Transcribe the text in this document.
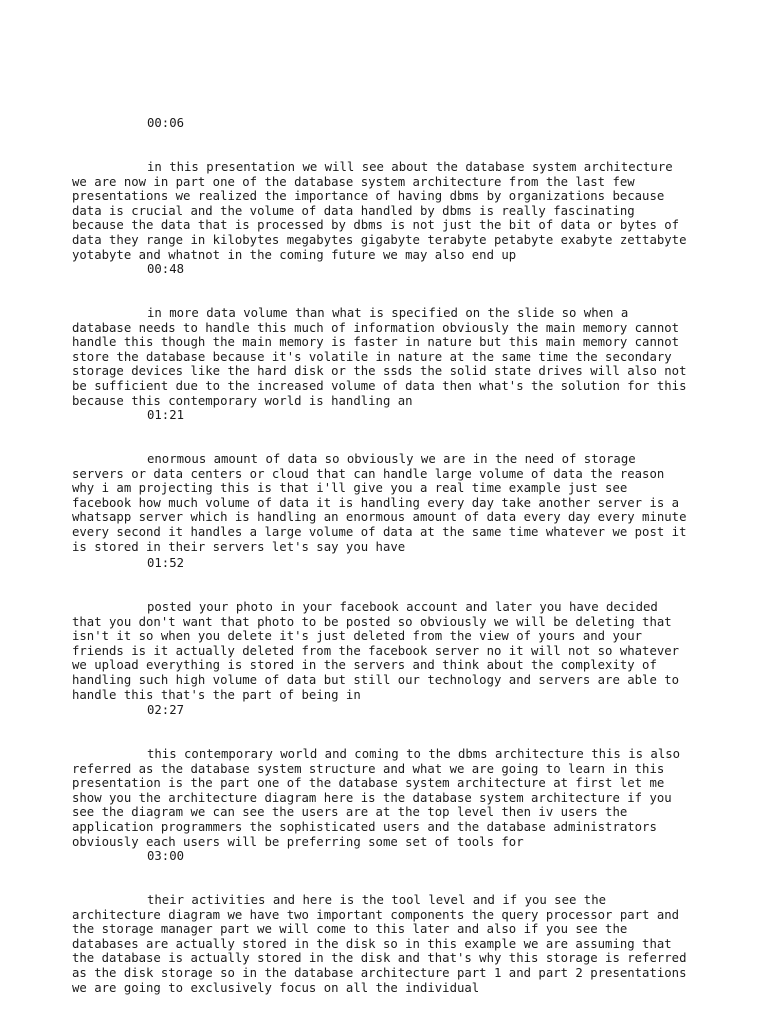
00:06

in this presentation we will see about the database system architecture
we are now in part one of the database system architecture from the last few
presentations we realized the importance of having dbms by organizations because
data is crucial and the volume of data handled by dbms is really fascinating
because the data that is processed by dbms is not just the bit of data or bytes of
data they range in kilobytes megabytes gigabyte terabyte petabyte exabyte zettabyte
yotabyte and whatnot in the coming future we may also end up

00:48

in more data volume than what is specified on the slide so when a
database needs to handle this much of information obviously the main memory cannot
handle this though the main memory is faster in nature but this main memory cannot
store the database because it's volatile in nature at the same time the secondary
storage devices like the hard disk or the ssds the solid state drives will also not
be sufficient due to the increased volume of data then what's the solution for this
because this contemporary world is handling an

01:21

enormous amount of data so obviously we are in the need of storage
servers or data centers or cloud that can handle large volume of data the reason
why i am projecting this is that i'll give you a real time example just see
facebook how much volume of data it is handling every day take another server is a
whatsapp server which is handling an enormous amount of data every day every minute
every second it handles a large volume of data at the same time whatever we post it
is stored in their servers let's say you have

01:52

posted your photo in your facebook account and later you have decided
that you don't want that photo to be posted so obviously we will be deleting that
isn't it so when you delete it's just deleted from the view of yours and your
friends is it actually deleted from the facebook server no it will not so whatever
we upload everything is stored in the servers and think about the complexity of
handling such high volume of data but still our technology and servers are able to
handle this that's the part of being in

02:27

this contemporary world and coming to the dbms architecture this is also
referred as the database system structure and what we are going to learn in this
presentation is the part one of the database system architecture at first let me
show you the architecture diagram here is the database system architecture if you
see the diagram we can see the users are at the top level then iv users the
application programmers the sophisticated users and the database administrators
obviously each users will be preferring some set of tools for

03:00

their activities and here is the tool level and if you see the
architecture diagram we have two important components the query processor part and
the storage manager part we will come to this later and also if you see the
databases are actually stored in the disk so in this example we are assuming that
the database is actually stored in the disk and that's why this storage is referred
as the disk storage so in the database architecture part 1 and part 2 presentations
we are going to exclusively focus on all the individual
